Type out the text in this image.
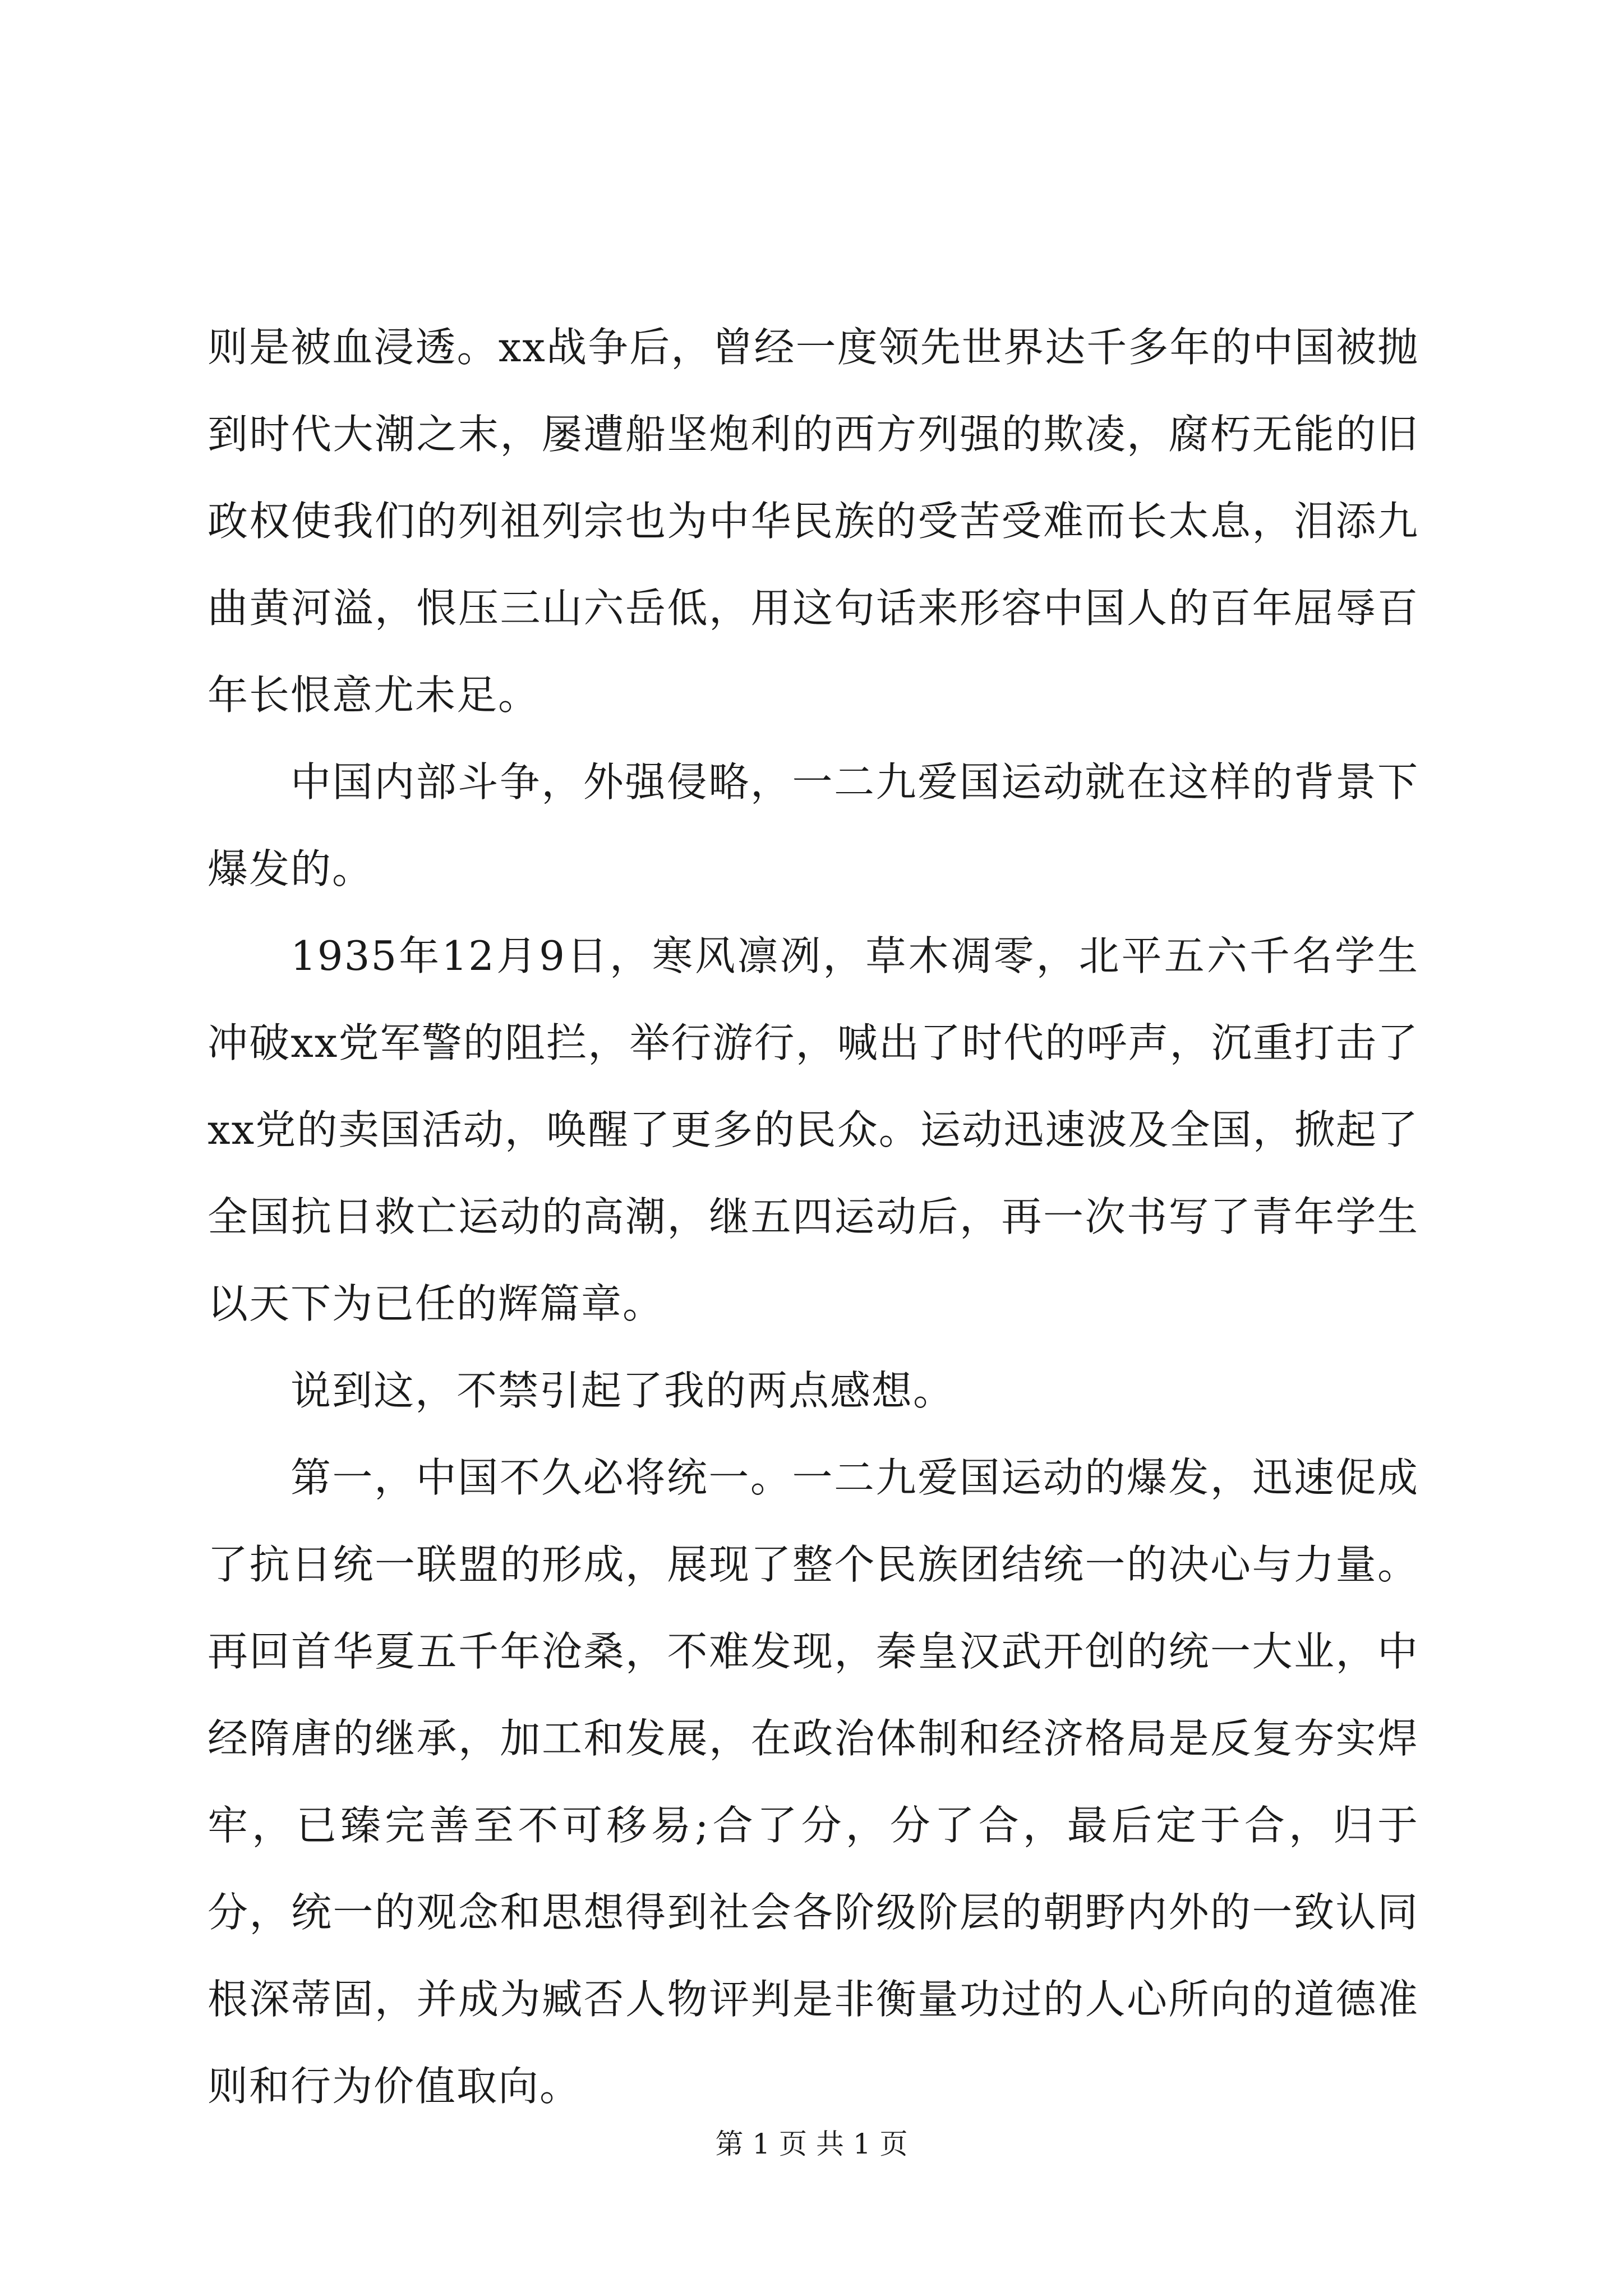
则是被血浸透。xx战争后，曾经一度领先世界达千多年的中国被抛到时代大潮之末，屡遭船坚炮利的西方列强的欺凌，腐朽无能的旧政权使我们的列祖列宗也为中华民族的受苦受难而长太息，泪添九曲黄河溢，恨压三山六岳低，用这句话来形容中国人的百年屈辱百年长恨意尤未足。

中国内部斗争，外强侵略，一二九爱国运动就在这样的背景下爆发的。

1935年12月9日，寒风凛冽，草木凋零，北平五六千名学生冲破xx党军警的阻拦，举行游行，喊出了时代的呼声，沉重打击了xx党的卖国活动，唤醒了更多的民众。运动迅速波及全国，掀起了全国抗日救亡运动的高潮，继五四运动后，再一次书写了青年学生以天下为已任的辉篇章。

说到这，不禁引起了我的两点感想。

第一，中国不久必将统一。一二九爱国运动的爆发，迅速促成了抗日统一联盟的形成，展现了整个民族团结统一的决心与力量。再回首华夏五千年沧桑，不难发现，秦皇汉武开创的统一大业，中经隋唐的继承，加工和发展，在政治体制和经济格局是反复夯实焊牢，已臻完善至不可移易;合了分，分了合，最后定于合，归于分，统一的观念和思想得到社会各阶级阶层的朝野内外的一致认同根深蒂固，并成为臧否人物评判是非衡量功过的人心所向的道德准则和行为价值取向。

第 1 页 共 1 页
